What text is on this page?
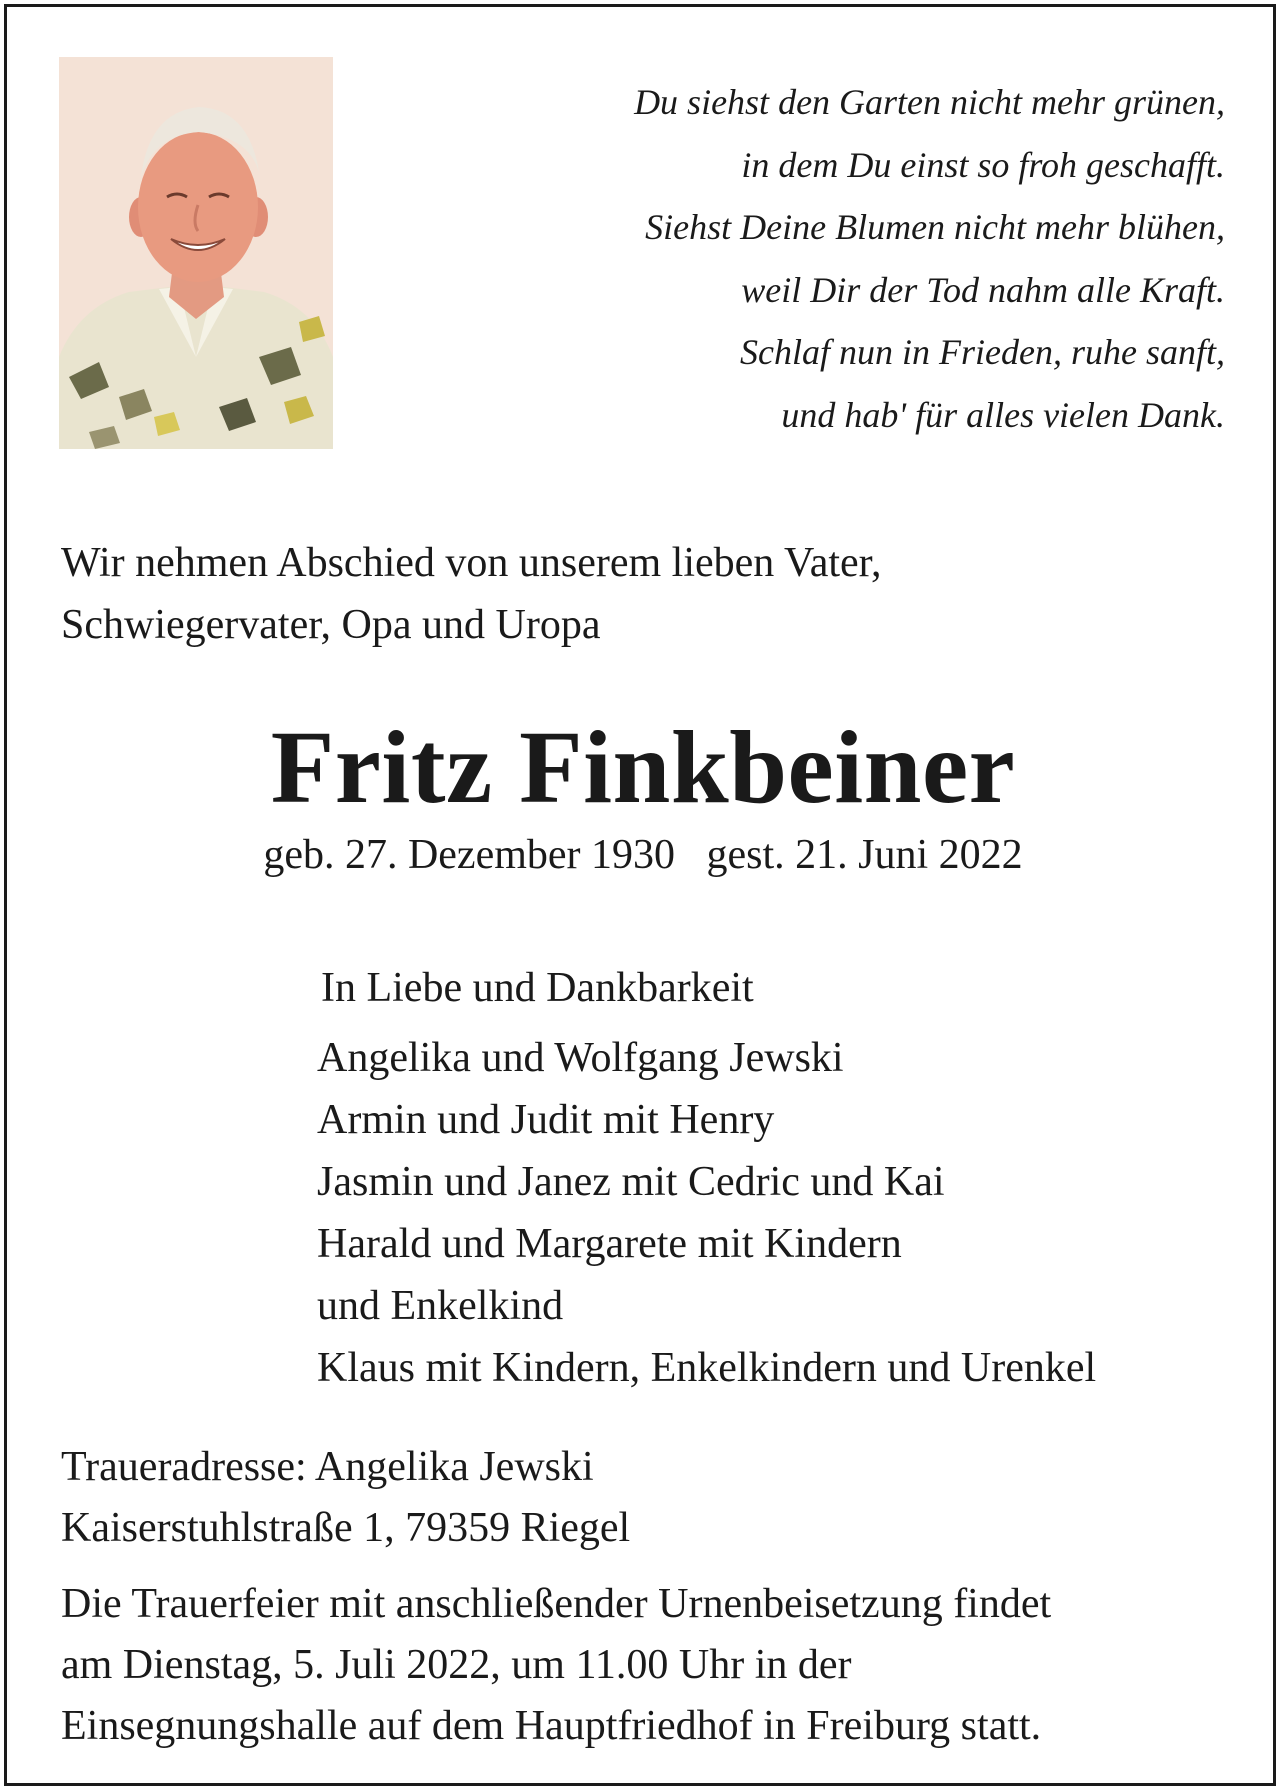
Du siehst den Garten nicht mehr grünen,
in dem Du einst so froh geschafft.
Siehst Deine Blumen nicht mehr blühen,
weil Dir der Tod nahm alle Kraft.
Schlaf nun in Frieden, ruhe sanft,
und hab' für alles vielen Dank.
Wir nehmen Abschied von unserem lieben Vater,
Schwiegervater, Opa und Uropa
Fritz Finkbeiner
geb. 27. Dezember 1930   gest. 21. Juni 2022
In Liebe und Dankbarkeit
Angelika und Wolfgang Jewski
Armin und Judit mit Henry
Jasmin und Janez mit Cedric und Kai
Harald und Margarete mit Kindern
und Enkelkind
Klaus mit Kindern, Enkelkindern und Urenkel
Traueradresse: Angelika Jewski
Kaiserstuhlstraße 1, 79359 Riegel
Die Trauerfeier mit anschließender Urnenbeisetzung findet
am Dienstag, 5. Juli 2022, um 11.00 Uhr in der
Einsegnungshalle auf dem Hauptfriedhof in Freiburg statt.
